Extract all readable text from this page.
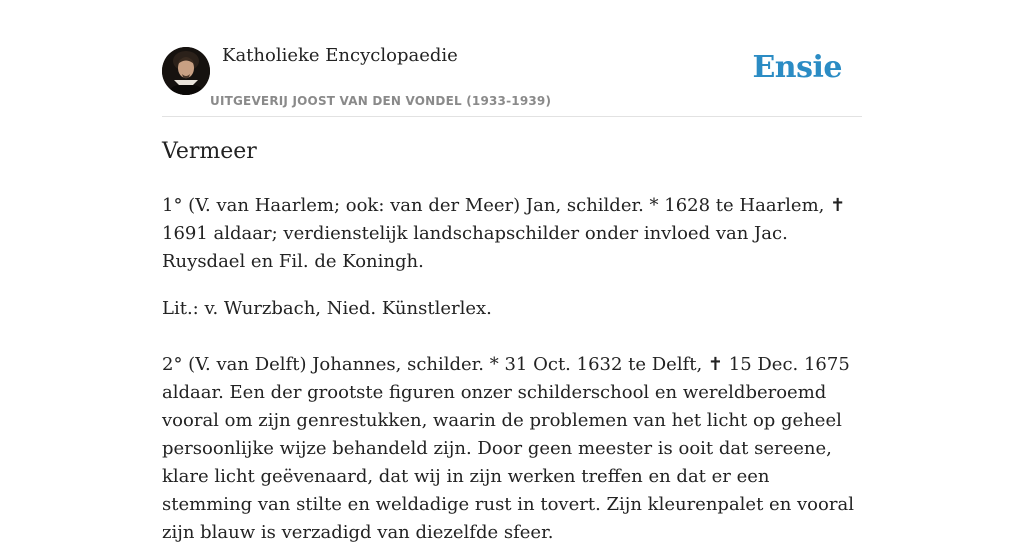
Katholieke Encyclopaedie
UITGEVERIJ JOOST VAN DEN VONDEL (1933-1939)
Ensie
Vermeer

1° (V. van Haarlem; ook: van der Meer) Jan, schilder. * 1628 te Haarlem, ✝ 1691 aldaar; verdienstelijk landschapschilder onder invloed van Jac. Ruysdael en Fil. de Koningh.

Lit.: v. Wurzbach, Nied. Künstlerlex.

2° (V. van Delft) Johannes, schilder. * 31 Oct. 1632 te Delft, ✝ 15 Dec. 1675 aldaar. Een der grootste figuren onzer schilderschool en wereldberoemd vooral om zijn genrestukken, waarin de problemen van het licht op geheel persoonlijke wijze behandeld zijn. Door geen meester is ooit dat sereene, klare licht geëvenaard, dat wij in zijn werken treffen en dat er een stemming van stilte en weldadige rust in tovert. Zijn kleurenpalet en vooral zijn blauw is verzadigd van diezelfde sfeer.
